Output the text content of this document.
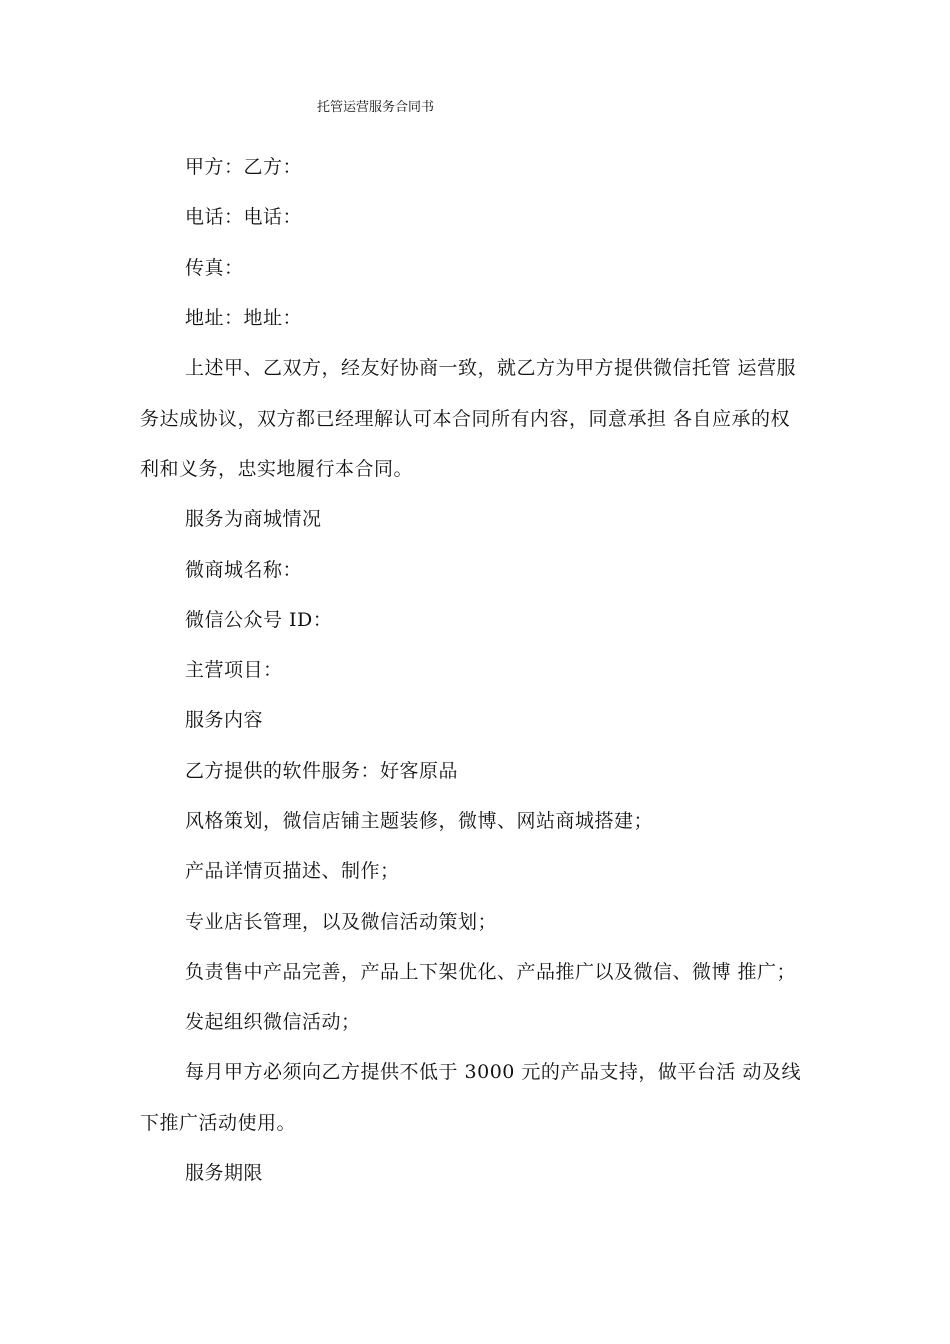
托管运营服务合同书
甲方：乙方：
电话：电话：
传真：
地址：地址：
上述甲、乙双方，经友好协商一致，就乙方为甲方提供微信托管 运营服
务达成协议，双方都已经理解认可本合同所有内容，同意承担 各自应承的权
利和义务，忠实地履行本合同。
服务为商城情况
微商城名称：
微信公众号 ID：
主营项目：
服务内容
乙方提供的软件服务：好客原品
风格策划，微信店铺主题装修，微博、网站商城搭建；
产品详情页描述、制作；
专业店长管理，以及微信活动策划；
负责售中产品完善，产品上下架优化、产品推广以及微信、微博 推广；
发起组织微信活动；
每月甲方必须向乙方提供不低于 3000 元的产品支持，做平台活 动及线
下推广活动使用。
服务期限
